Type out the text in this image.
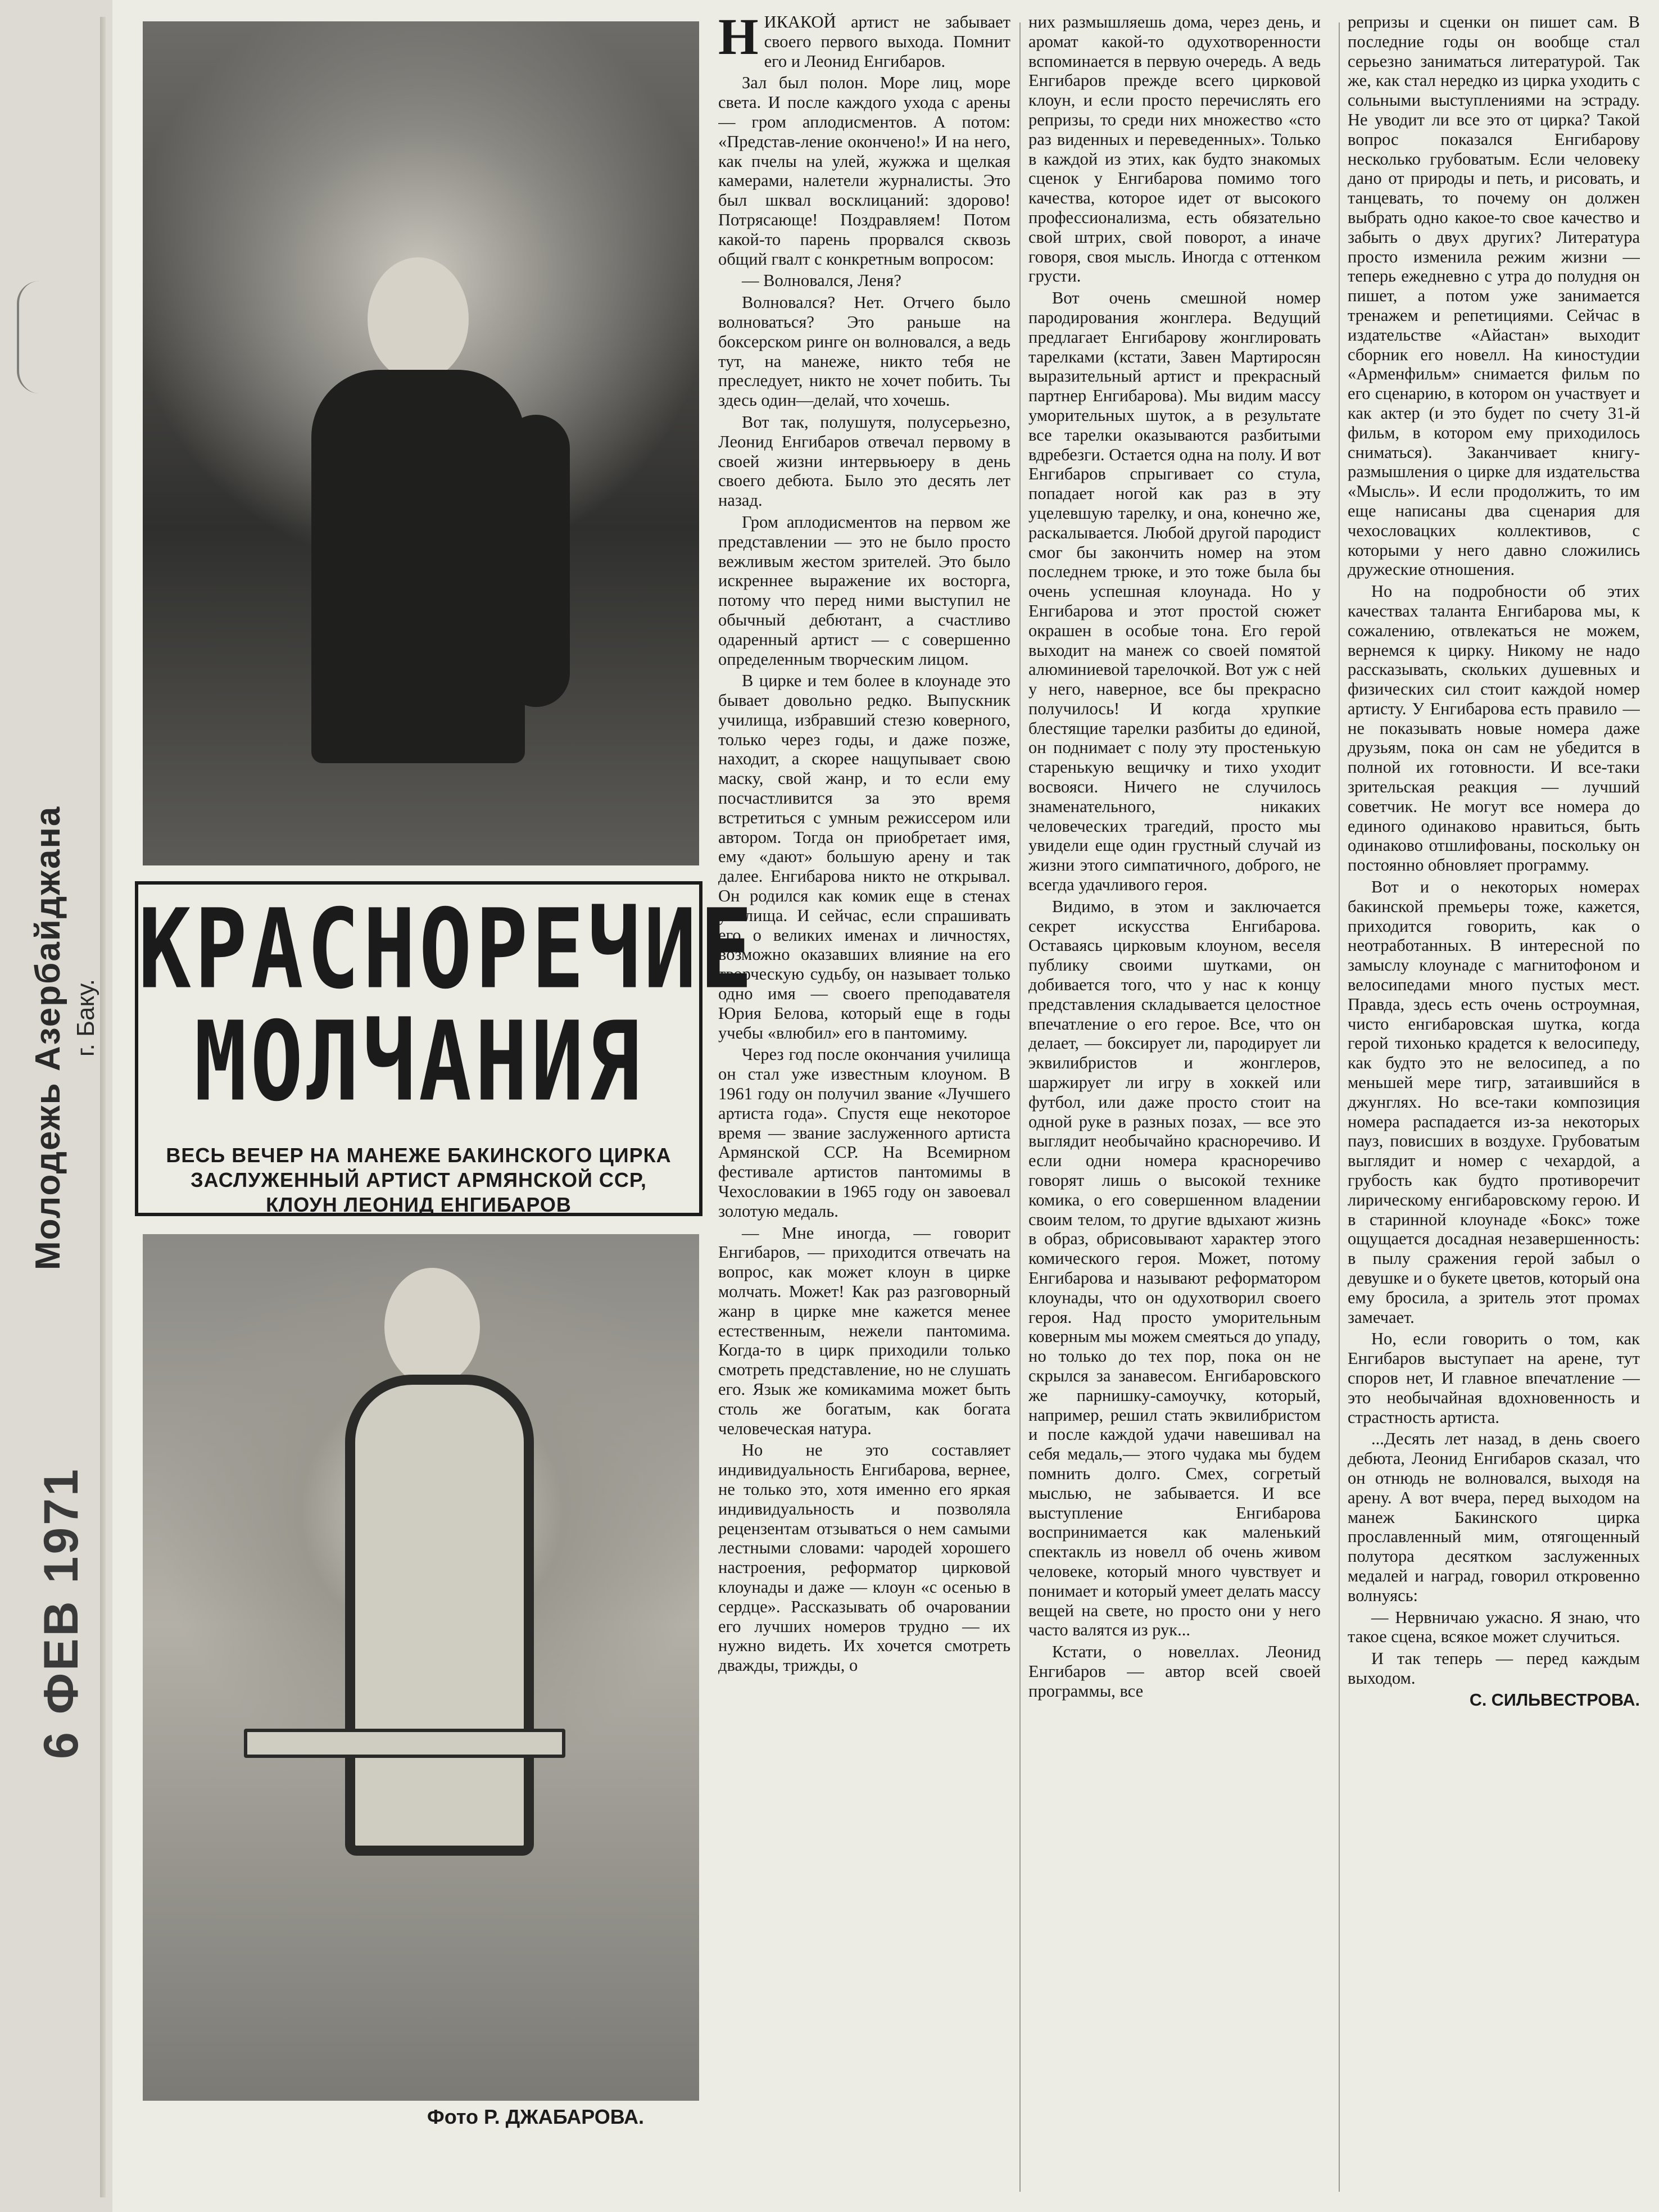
Молодежь Азербайджана г. Баку.
6 ФЕВ 1971
КРАСНОРЕЧИЕ
МОЛЧАНИЯ
ВЕСЬ ВЕЧЕР НА МАНЕЖЕ БАКИНСКОГО ЦИРКА
ЗАСЛУЖЕННЫЙ АРТИСТ АРМЯНСКОЙ ССР,
КЛОУН ЛЕОНИД ЕНГИБАРОВ
Фото Р. ДЖАБАРОВА.

НИКАКОЙ артист не забывает своего первого выхода. Помнит его и Леонид Енгибаров.

Зал был полон. Море лиц, море света. И после каждого ухода с арены — гром аплодисментов. А потом: «Представ-ление окончено!» И на него, как пчелы на улей, жужжа и щелкая камерами, налетели журналисты. Это был шквал восклицаний: здорово! Потрясающе! Поздравляем! Потом какой-то парень прорвался сквозь общий гвалт с конкретным вопросом:

— Волновался, Леня?

Волновался? Нет. Отчего было волноваться? Это раньше на боксерском ринге он волновался, а ведь тут, на манеже, никто тебя не преследует, никто не хочет побить. Ты здесь один—делай, что хочешь.

Вот так, полушутя, полусерьезно, Леонид Енгибаров отвечал первому в своей жизни интервьюеру в день своего дебюта. Было это десять лет назад.

Гром аплодисментов на первом же представлении — это не было просто вежливым жестом зрителей. Это было искреннее выражение их восторга, потому что перед ними выступил не обычный дебютант, а счастливо одаренный артист — с совершенно определенным творческим лицом.

В цирке и тем более в клоунаде это бывает довольно редко. Выпускник училища, избравший стезю коверного, только через годы, и даже позже, находит, а скорее нащупывает свою маску, свой жанр, и то если ему посчастливится за это время встретиться с умным режиссером или автором. Тогда он приобретает имя, ему «дают» большую арену и так далее. Енгибарова никто не открывал. Он родился как комик еще в стенах училища. И сейчас, если спрашивать его о великих именах и личностях, возможно оказавших влияние на его творческую судьбу, он называет только одно имя — своего преподавателя Юрия Белова, который еще в годы учебы «влюбил» его в пантомиму.

Через год после окончания училища он стал уже известным клоуном. В 1961 году он получил звание «Лучшего артиста года». Спустя еще некоторое время — звание заслуженного артиста Армянской ССР. На Всемирном фестивале артистов пантомимы в Чехословакии в 1965 году он завоевал золотую медаль.

— Мне иногда, — говорит Енгибаров, — приходится отвечать на вопрос, как может клоун в цирке молчать. Может! Как раз разговорный жанр в цирке мне кажется менее естественным, нежели пантомима. Когда-то в цирк приходили только смотреть представление, но не слушать его. Язык же комикамима может быть столь же богатым, как богата человеческая натура.

Но не это составляет индивидуальность Енгибарова, вернее, не только это, хотя именно его яркая индивидуальность и позволяла рецензентам отзываться о нем самыми лестными словами: чародей хорошего настроения, реформатор цирковой клоунады и даже — клоун «с осенью в сердце». Рассказывать об очаровании его лучших номеров трудно — их нужно видеть. Их хочется смотреть дважды, трижды, о

них размышляешь дома, через день, и аромат какой-то одухотворенности вспоминается в первую очередь. А ведь Енгибаров прежде всего цирковой клоун, и если просто перечислять его репризы, то среди них множество «сто раз виденных и переведенных». Только в каждой из этих, как будто знакомых сценок у Енгибарова помимо того качества, которое идет от высокого профессионализма, есть обязательно свой штрих, свой поворот, а иначе говоря, своя мысль. Иногда с оттенком грусти.

Вот очень смешной номер пародирования жонглера. Ведущий предлагает Енгибарову жонглировать тарелками (кстати, Завен Мартиросян выразительный артист и прекрасный партнер Енгибарова). Мы видим массу уморительных шуток, а в результате все тарелки оказываются разбитыми вдребезги. Остается одна на полу. И вот Енгибаров спрыгивает со стула, попадает ногой как раз в эту уцелевшую тарелку, и она, конечно же, раскалывается. Любой другой пародист смог бы закончить номер на этом последнем трюке, и это тоже была бы очень успешная клоунада. Но у Енгибарова и этот простой сюжет окрашен в особые тона. Его герой выходит на манеж со своей помятой алюминиевой тарелочкой. Вот уж с ней у него, наверное, все бы прекрасно получилось! И когда хрупкие блестящие тарелки разбиты до единой, он поднимает с полу эту простенькую старенькую вещичку и тихо уходит восвояси. Ничего не случилось знаменательного, никаких человеческих трагедий, просто мы увидели еще один грустный случай из жизни этого симпатичного, доброго, не всегда удачливого героя.

Видимо, в этом и заключается секрет искусства Енгибарова. Оставаясь цирковым клоуном, веселя публику своими шутками, он добивается того, что у нас к концу представления складывается целостное впечатление о его герое. Все, что он делает, — боксирует ли, пародирует ли эквилибристов и жонглеров, шаржирует ли игру в хоккей или футбол, или даже просто стоит на одной руке в разных позах, — все это выглядит необычайно красноречиво. И если одни номера красноречиво говорят лишь о высокой технике комика, о его совершенном владении своим телом, то другие вдыхают жизнь в образ, обрисовывают характер этого комического героя. Может, потому Енгибарова и называют реформатором клоунады, что он одухотворил своего героя. Над просто уморительным коверным мы можем смеяться до упаду, но только до тех пор, пока он не скрылся за занавесом. Енгибаровского же парнишку-самоучку, который, например, решил стать эквилибристом и после каждой удачи навешивал на себя медаль,— этого чудака мы будем помнить долго. Смех, согретый мыслью, не забывается. И все выступление Енгибарова воспринимается как маленький спектакль из новелл об очень живом человеке, который много чувствует и понимает и который умеет делать массу вещей на свете, но просто они у него часто валятся из рук...

Кстати, о новеллах. Леонид Енгибаров — автор всей своей программы, все

репризы и сценки он пишет сам. В последние годы он вообще стал серьезно заниматься литературой. Так же, как стал нередко из цирка уходить с сольными выступлениями на эстраду. Не уводит ли все это от цирка? Такой вопрос показался Енгибарову несколько грубоватым. Если человеку дано от природы и петь, и рисовать, и танцевать, то почему он должен выбрать одно какое-то свое качество и забыть о двух других? Литература просто изменила режим жизни — теперь ежедневно с утра до полудня он пишет, а потом уже занимается тренажем и репетициями. Сейчас в издательстве «Айастан» выходит сборник его новелл. На киностудии «Арменфильм» снимается фильм по его сценарию, в котором он участвует и как актер (и это будет по счету 31-й фильм, в котором ему приходилось сниматься). Заканчивает книгу-размышления о цирке для издательства «Мысль». И если продолжить, то им еще написаны два сценария для чехословацких коллективов, с которыми у него давно сложились дружеские отношения.

Но на подробности об этих качествах таланта Енгибарова мы, к сожалению, отвлекаться не можем, вернемся к цирку. Никому не надо рассказывать, скольких душевных и физических сил стоит каждой номер артисту. У Енгибарова есть правило — не показывать новые номера даже друзьям, пока он сам не убедится в полной их готовности. И все-таки зрительская реакция — лучший советчик. Не могут все номера до единого одинаково нравиться, быть одинаково отшлифованы, поскольку он постоянно обновляет программу.

Вот и о некоторых номерах бакинской премьеры тоже, кажется, приходится говорить, как о неотработанных. В интересной по замыслу клоунаде с магнитофоном и велосипедами много пустых мест. Правда, здесь есть очень остроумная, чисто енгибаровская шутка, когда герой тихонько крадется к велосипеду, как будто это не велосипед, а по меньшей мере тигр, затаившийся в джунглях. Но все-таки композиция номера распадается из-за некоторых пауз, повисших в воздухе. Грубоватым выглядит и номер с чехардой, а грубость как будто противоречит лирическому енгибаровскому герою. И в старинной клоунаде «Бокс» тоже ощущается досадная незавершенность: в пылу сражения герой забыл о девушке и о букете цветов, который она ему бросила, а зритель этот промах замечает.

Но, если говорить о том, как Енгибаров выступает на арене, тут споров нет, И главное впечатление — это необычайная вдохновенность и страстность артиста.

...Десять лет назад, в день своего дебюта, Леонид Енгибаров сказал, что он отнюдь не волновался, выходя на арену. А вот вчера, перед выходом на манеж Бакинского цирка прославленный мим, отягощенный полутора десятком заслуженных медалей и наград, говорил откровенно волнуясь:

— Нервничаю ужасно. Я знаю, что такое сцена, всякое может случиться.

И так теперь — перед каждым выходом.

С. СИЛЬВЕСТРОВА.
